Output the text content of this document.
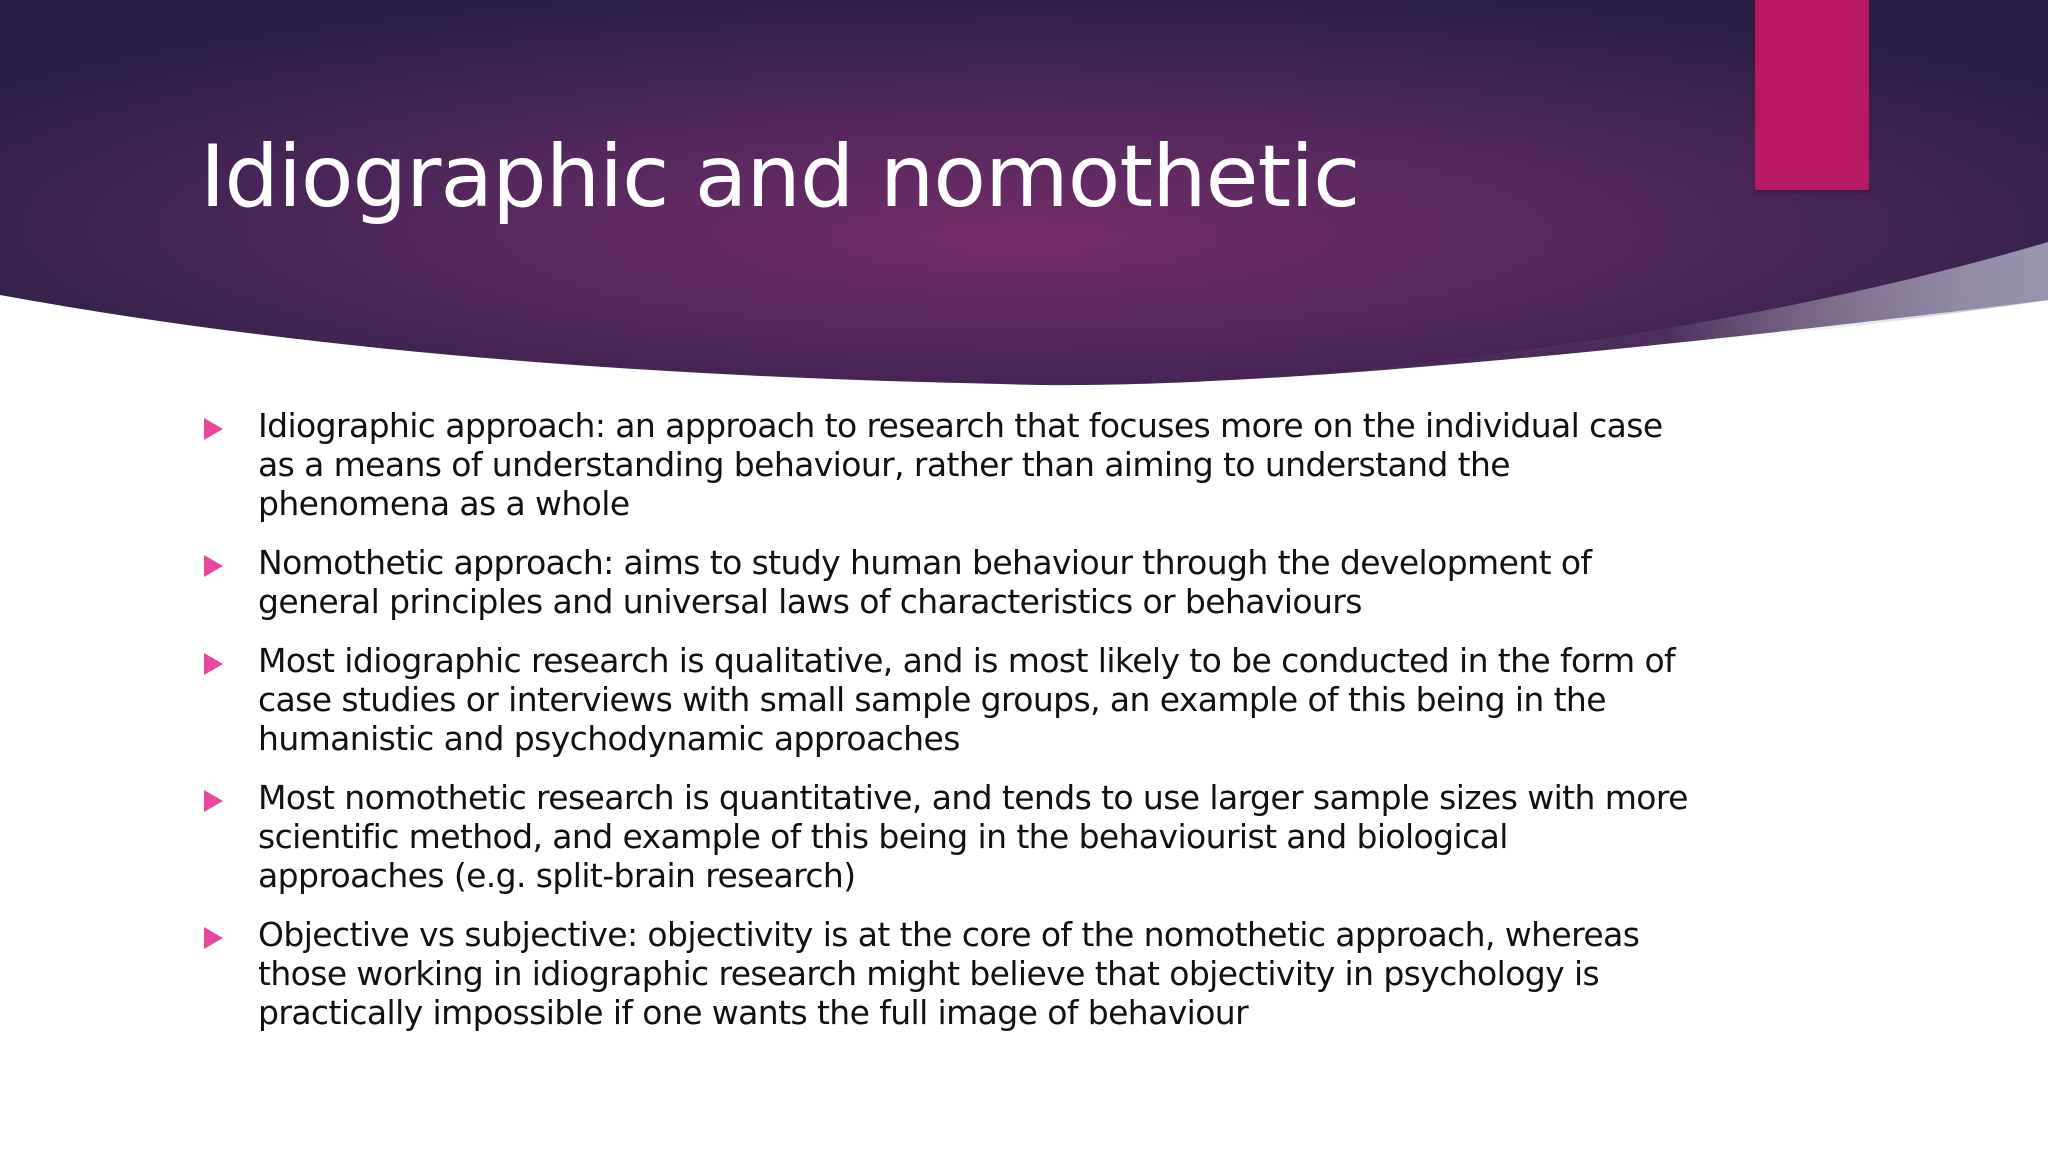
Idiographic and nomothetic
Idiographic approach: an approach to research that focuses more on the individual case as a means of understanding behaviour, rather than aiming to understand the phenomena as a whole
Nomothetic approach: aims to study human behaviour through the development of general principles and universal laws of characteristics or behaviours
Most idiographic research is qualitative, and is most likely to be conducted in the form of case studies or interviews with small sample groups, an example of this being in the humanistic and psychodynamic approaches
Most nomothetic research is quantitative, and tends to use larger sample sizes with more scientific method, and example of this being in the behaviourist and biological approaches (e.g. split-brain research)
Objective vs subjective: objectivity is at the core of the nomothetic approach, whereas those working in idiographic research might believe that objectivity in psychology is practically impossible if one wants the full image of behaviour
